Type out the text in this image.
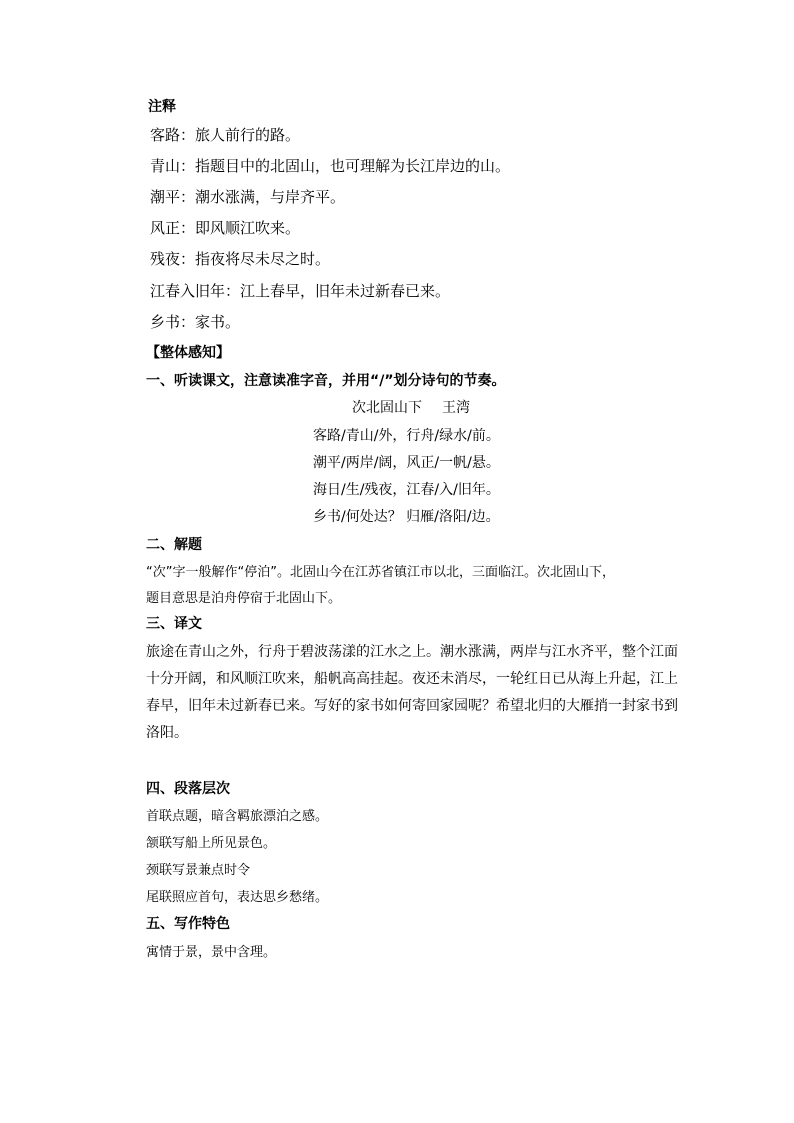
注释
客路：旅人前行的路。
青山：指题目中的北固山，也可理解为长江岸边的山。
潮平：潮水涨满，与岸齐平。
风正：即风顺江吹来。
残夜：指夜将尽未尽之时。
江春入旧年：江上春早，旧年未过新春已来。
乡书：家书。
【整体感知】
一、听读课文，注意读准字音，并用“/”划分诗句的节奏。
次北固山下 王湾
客路/青山/外，行舟/绿水/前。
潮平/两岸/阔，风正/一帆/悬。
海日/生/残夜，江春/入/旧年。
乡书/何处达？ 归雁/洛阳/边。
二、解题
“次”字一般解作“停泊”。北固山今在江苏省镇江市以北，三面临江。次北固山下，
题目意思是泊舟停宿于北固山下。
三、译文
旅途在青山之外，行舟于碧波荡漾的江水之上。潮水涨满，两岸与江水齐平，整个江面
十分开阔，和风顺江吹来，船帆高高挂起。夜还未消尽，一轮红日已从海上升起，江上
春早，旧年未过新春已来。写好的家书如何寄回家园呢？希望北归的大雁捎一封家书到
洛阳。
四、段落层次
首联点题，暗含羁旅漂泊之感。
颔联写船上所见景色。
颈联写景兼点时令
尾联照应首句，表达思乡愁绪。
五、写作特色
寓情于景，景中含理。
